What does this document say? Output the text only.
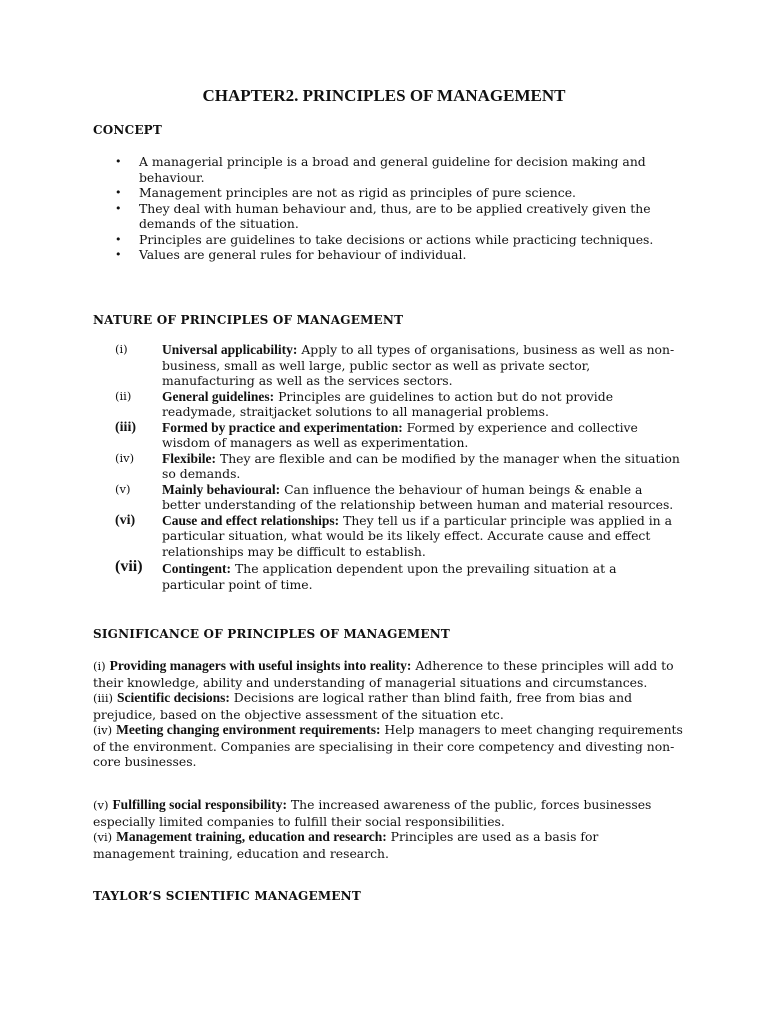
CHAPTER2. PRINCIPLES OF MANAGEMENT
CONCEPT
• A managerial principle is a broad and general guideline for decision making and behaviour.
• Management principles are not as rigid as principles of pure science.
• They deal with human behaviour and, thus, are to be applied creatively given the demands of the situation.
• Principles are guidelines to take decisions or actions while practicing techniques.
• Values are general rules for behaviour of individual.
NATURE OF PRINCIPLES OF MANAGEMENT
(i)	Universal applicability: Apply to all types of organisations, business as well as non-business, small as well large, public sector as well as private sector, manufacturing as well as the services sectors.
(ii) General guidelines: Principles are guidelines to action but do not provide readymade, straitjacket solutions to all managerial problems.
(iii) Formed by practice and experimentation: Formed by experience and collective wisdom of managers as well as experimentation.
(iv) Flexibile: They are flexible and can be modified by the manager when the situation so demands.
(v) Mainly behavioural: Can influence the behaviour of human beings & enable a better understanding of the relationship between human and material resources.
(vi) Cause and effect relationships: They tell us if a particular principle was applied in a particular situation, what would be its likely effect. Accurate cause and effect relationships may be difficult to establish.
(vii) Contingent: The application dependent upon the prevailing situation at a particular point of time.
SIGNIFICANCE OF PRINCIPLES OF MANAGEMENT

(i) Providing managers with useful insights into reality: Adherence to these principles will add to their knowledge, ability and understanding of managerial situations and circumstances.
(iii) Scientific decisions: Decisions are logical rather than blind faith, free from bias and prejudice, based on the objective assessment of the situation etc.
(iv) Meeting changing environment requirements: Help managers to meet changing requirements of the environment. Companies are specialising in their core competency and divesting non-core businesses.

(v) Fulfilling social responsibility: The increased awareness of the public, forces businesses especially limited companies to fulfill their social responsibilities.
(vi) Management training, education and research: Principles are used as a basis for management training, education and research.

TAYLOR’S SCIENTIFIC MANAGEMENT
